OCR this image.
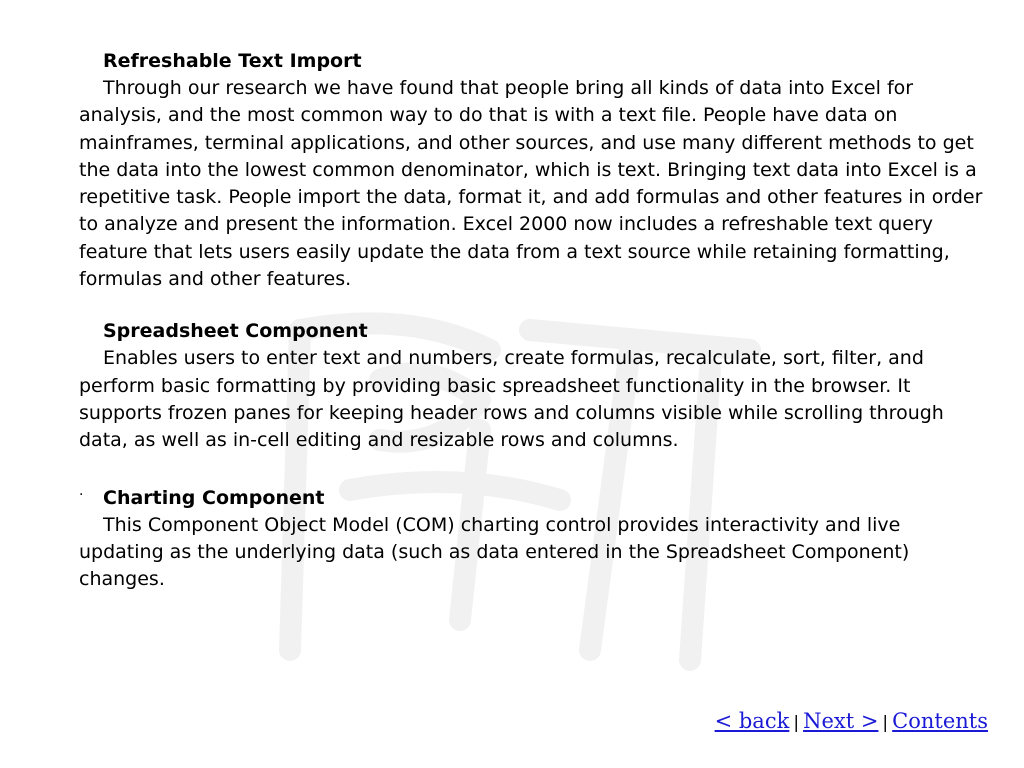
Refreshable Text Import

Through our research we have found that people bring all kinds of data into Excel for analysis, and the most common way to do that is with a text file. People have data on mainframes, terminal applications, and other sources, and use many different methods to get the data into the lowest common denominator, which is text. Bringing text data into Excel is a repetitive task. People import the data, format it, and add formulas and other features in order to analyze and present the information. Excel 2000 now includes a refreshable text query feature that lets users easily update the data from a text source while retaining formatting, formulas and other features.

Spreadsheet Component

Enables users to enter text and numbers, create formulas, recalculate, sort, filter, and perform basic formatting by providing basic spreadsheet functionality in the browser. It supports frozen panes for keeping header rows and columns visible while scrolling through data, as well as in-cell editing and resizable rows and columns.

· Charting Component

This Component Object Model (COM) charting control provides interactivity and live updating as the underlying data (such as data entered in the Spreadsheet Component) changes.

< back | Next > | Contents
